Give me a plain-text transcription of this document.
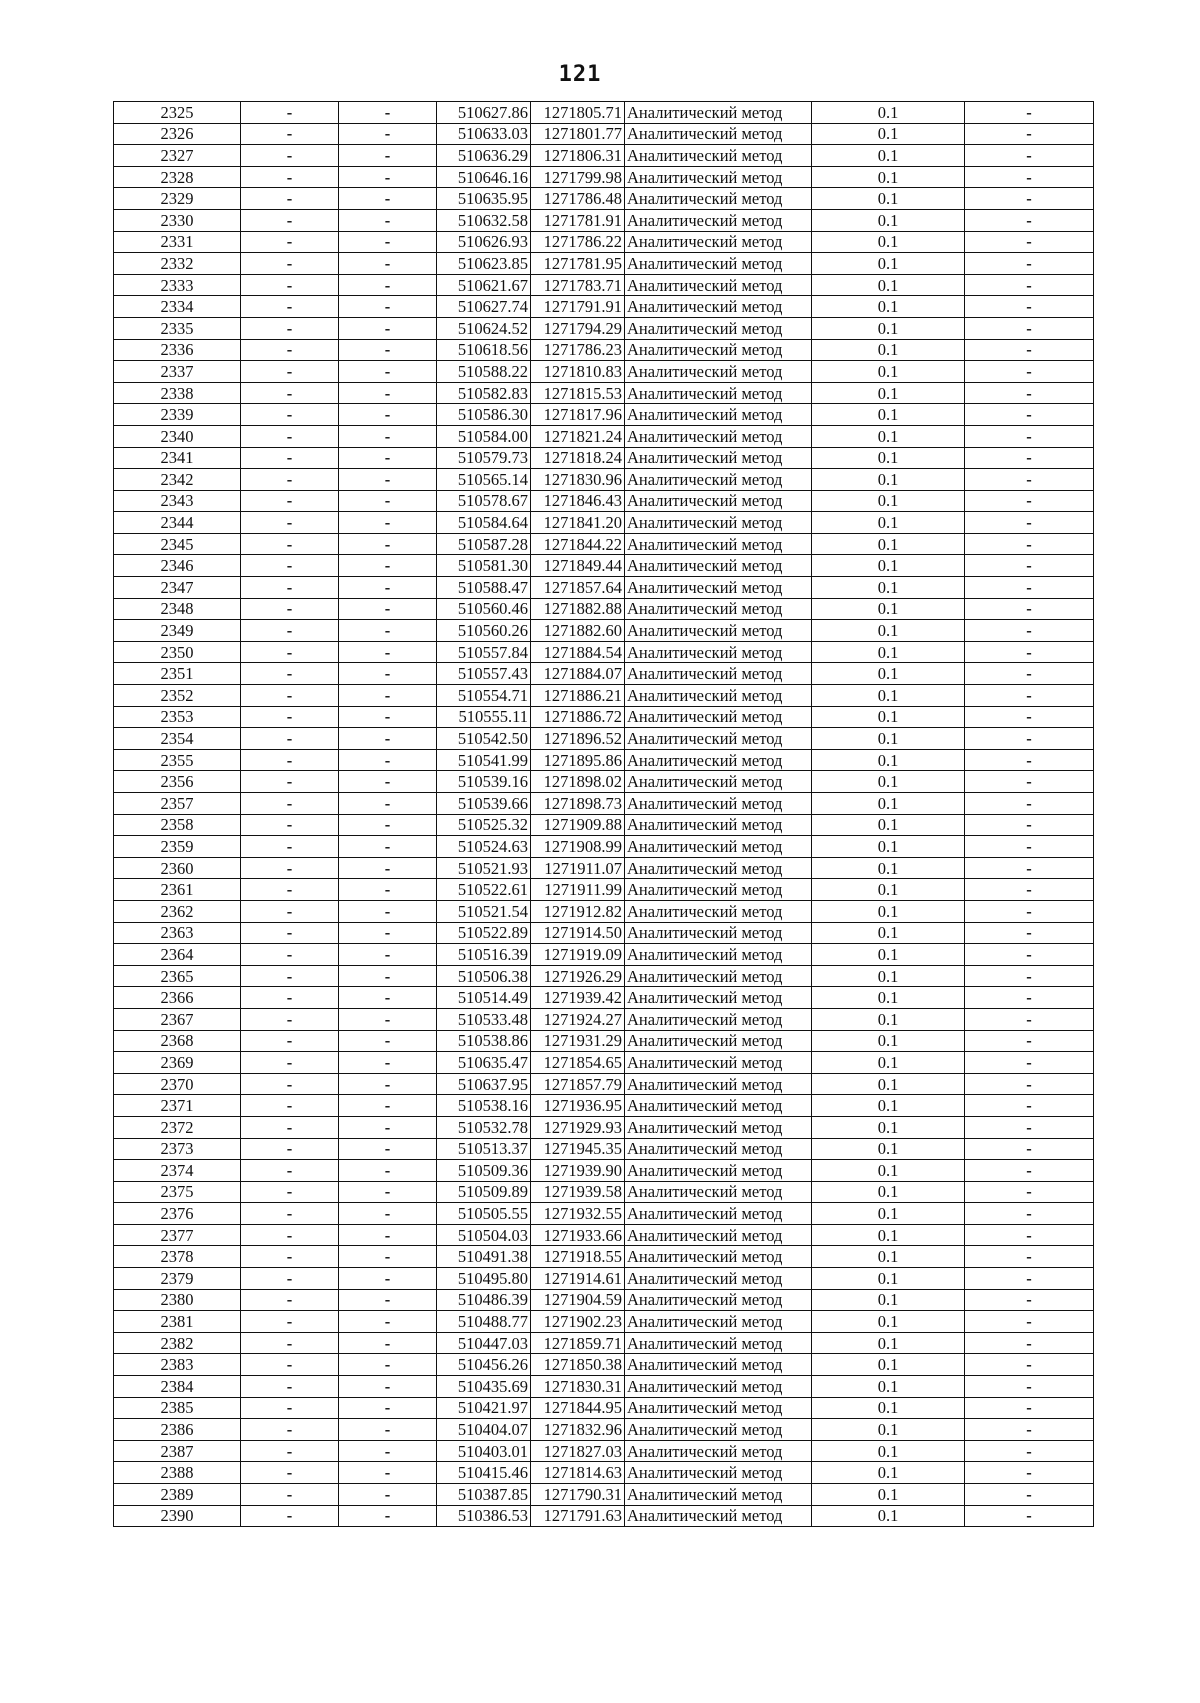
121
2325	-	-	510627.86	1271805.71	Аналитический метод	0.1	-
2326	-	-	510633.03	1271801.77	Аналитический метод	0.1	-
2327	-	-	510636.29	1271806.31	Аналитический метод	0.1	-
2328	-	-	510646.16	1271799.98	Аналитический метод	0.1	-
2329	-	-	510635.95	1271786.48	Аналитический метод	0.1	-
2330	-	-	510632.58	1271781.91	Аналитический метод	0.1	-
2331	-	-	510626.93	1271786.22	Аналитический метод	0.1	-
2332	-	-	510623.85	1271781.95	Аналитический метод	0.1	-
2333	-	-	510621.67	1271783.71	Аналитический метод	0.1	-
2334	-	-	510627.74	1271791.91	Аналитический метод	0.1	-
2335	-	-	510624.52	1271794.29	Аналитический метод	0.1	-
2336	-	-	510618.56	1271786.23	Аналитический метод	0.1	-
2337	-	-	510588.22	1271810.83	Аналитический метод	0.1	-
2338	-	-	510582.83	1271815.53	Аналитический метод	0.1	-
2339	-	-	510586.30	1271817.96	Аналитический метод	0.1	-
2340	-	-	510584.00	1271821.24	Аналитический метод	0.1	-
2341	-	-	510579.73	1271818.24	Аналитический метод	0.1	-
2342	-	-	510565.14	1271830.96	Аналитический метод	0.1	-
2343	-	-	510578.67	1271846.43	Аналитический метод	0.1	-
2344	-	-	510584.64	1271841.20	Аналитический метод	0.1	-
2345	-	-	510587.28	1271844.22	Аналитический метод	0.1	-
2346	-	-	510581.30	1271849.44	Аналитический метод	0.1	-
2347	-	-	510588.47	1271857.64	Аналитический метод	0.1	-
2348	-	-	510560.46	1271882.88	Аналитический метод	0.1	-
2349	-	-	510560.26	1271882.60	Аналитический метод	0.1	-
2350	-	-	510557.84	1271884.54	Аналитический метод	0.1	-
2351	-	-	510557.43	1271884.07	Аналитический метод	0.1	-
2352	-	-	510554.71	1271886.21	Аналитический метод	0.1	-
2353	-	-	510555.11	1271886.72	Аналитический метод	0.1	-
2354	-	-	510542.50	1271896.52	Аналитический метод	0.1	-
2355	-	-	510541.99	1271895.86	Аналитический метод	0.1	-
2356	-	-	510539.16	1271898.02	Аналитический метод	0.1	-
2357	-	-	510539.66	1271898.73	Аналитический метод	0.1	-
2358	-	-	510525.32	1271909.88	Аналитический метод	0.1	-
2359	-	-	510524.63	1271908.99	Аналитический метод	0.1	-
2360	-	-	510521.93	1271911.07	Аналитический метод	0.1	-
2361	-	-	510522.61	1271911.99	Аналитический метод	0.1	-
2362	-	-	510521.54	1271912.82	Аналитический метод	0.1	-
2363	-	-	510522.89	1271914.50	Аналитический метод	0.1	-
2364	-	-	510516.39	1271919.09	Аналитический метод	0.1	-
2365	-	-	510506.38	1271926.29	Аналитический метод	0.1	-
2366	-	-	510514.49	1271939.42	Аналитический метод	0.1	-
2367	-	-	510533.48	1271924.27	Аналитический метод	0.1	-
2368	-	-	510538.86	1271931.29	Аналитический метод	0.1	-
2369	-	-	510635.47	1271854.65	Аналитический метод	0.1	-
2370	-	-	510637.95	1271857.79	Аналитический метод	0.1	-
2371	-	-	510538.16	1271936.95	Аналитический метод	0.1	-
2372	-	-	510532.78	1271929.93	Аналитический метод	0.1	-
2373	-	-	510513.37	1271945.35	Аналитический метод	0.1	-
2374	-	-	510509.36	1271939.90	Аналитический метод	0.1	-
2375	-	-	510509.89	1271939.58	Аналитический метод	0.1	-
2376	-	-	510505.55	1271932.55	Аналитический метод	0.1	-
2377	-	-	510504.03	1271933.66	Аналитический метод	0.1	-
2378	-	-	510491.38	1271918.55	Аналитический метод	0.1	-
2379	-	-	510495.80	1271914.61	Аналитический метод	0.1	-
2380	-	-	510486.39	1271904.59	Аналитический метод	0.1	-
2381	-	-	510488.77	1271902.23	Аналитический метод	0.1	-
2382	-	-	510447.03	1271859.71	Аналитический метод	0.1	-
2383	-	-	510456.26	1271850.38	Аналитический метод	0.1	-
2384	-	-	510435.69	1271830.31	Аналитический метод	0.1	-
2385	-	-	510421.97	1271844.95	Аналитический метод	0.1	-
2386	-	-	510404.07	1271832.96	Аналитический метод	0.1	-
2387	-	-	510403.01	1271827.03	Аналитический метод	0.1	-
2388	-	-	510415.46	1271814.63	Аналитический метод	0.1	-
2389	-	-	510387.85	1271790.31	Аналитический метод	0.1	-
2390	-	-	510386.53	1271791.63	Аналитический метод	0.1	-
